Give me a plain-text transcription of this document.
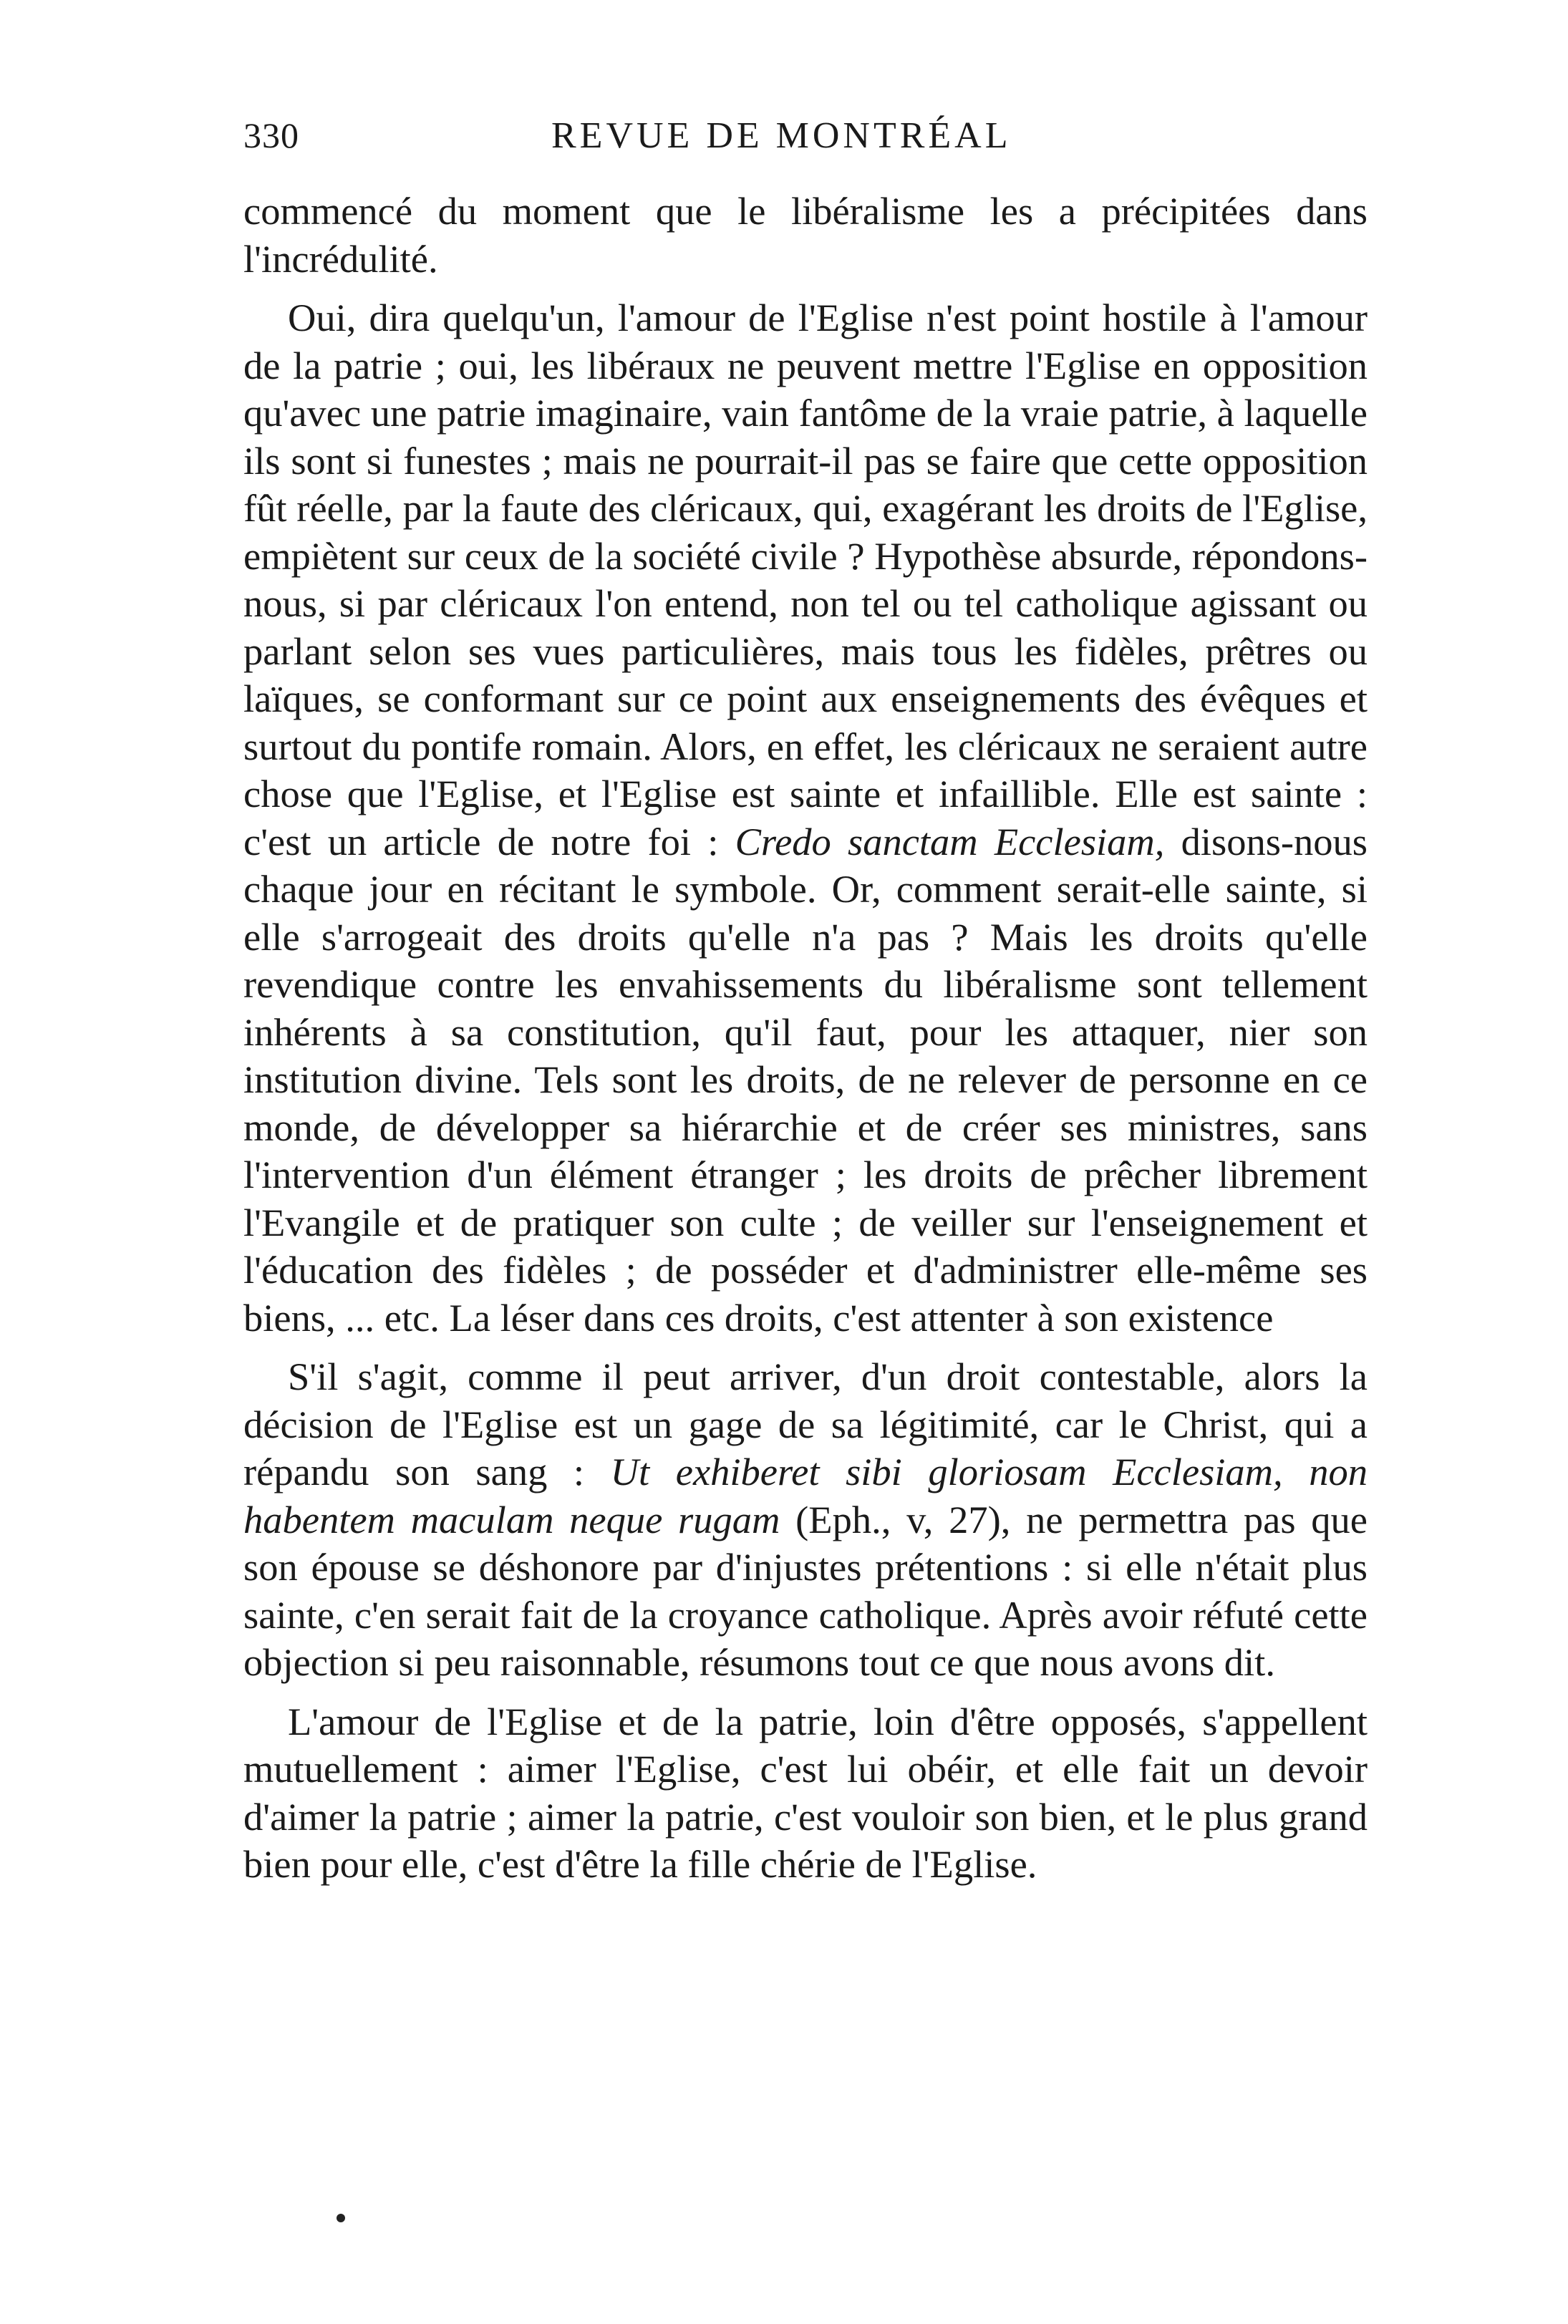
330	REVUE DE MONTRÉAL

commencé du moment que le libéralisme les a précipitées dans l'incrédulité.

Oui, dira quelqu'un, l'amour de l'Eglise n'est point hostile à l'amour de la patrie ; oui, les libéraux ne peuvent mettre l'Eglise en opposition qu'avec une patrie imaginaire, vain fantôme de la vraie patrie, à laquelle ils sont si funestes ; mais ne pourrait-il pas se faire que cette opposition fût réelle, par la faute des cléricaux, qui, exagérant les droits de l'Eglise, empiètent sur ceux de la société civile ? Hypothèse absurde, répondons-nous, si par cléricaux l'on entend, non tel ou tel catholique agissant ou parlant selon ses vues particulières, mais tous les fidèles, prêtres ou laïques, se conformant sur ce point aux enseignements des évêques et surtout du pontife romain. Alors, en effet, les cléricaux ne seraient autre chose que l'Eglise, et l'Eglise est sainte et infaillible. Elle est sainte : c'est un article de notre foi : Credo sanctam Ecclesiam, disons-nous chaque jour en récitant le symbole. Or, comment serait-elle sainte, si elle s'arrogeait des droits qu'elle n'a pas ? Mais les droits qu'elle revendique contre les envahissements du libéralisme sont tellement inhérents à sa constitution, qu'il faut, pour les attaquer, nier son institution divine. Tels sont les droits, de ne relever de personne en ce monde, de développer sa hiérarchie et de créer ses ministres, sans l'intervention d'un élément étranger ; les droits de prêcher librement l'Evangile et de pratiquer son culte ; de veiller sur l'enseignement et l'éducation des fidèles ; de posséder et d'administrer elle-même ses biens, ... etc. La léser dans ces droits, c'est attenter à son existence

S'il s'agit, comme il peut arriver, d'un droit contestable, alors la décision de l'Eglise est un gage de sa légitimité, car le Christ, qui a répandu son sang : Ut exhiberet sibi gloriosam Ecclesiam, non habentem maculam neque rugam (Eph., v, 27), ne permettra pas que son épouse se déshonore par d'injustes prétentions : si elle n'était plus sainte, c'en serait fait de la croyance catholique. Après avoir réfuté cette objection si peu raisonnable, résumons tout ce que nous avons dit.

L'amour de l'Eglise et de la patrie, loin d'être opposés, s'appellent mutuellement : aimer l'Eglise, c'est lui obéir, et elle fait un devoir d'aimer la patrie ; aimer la patrie, c'est vouloir son bien, et le plus grand bien pour elle, c'est d'être la fille chérie de l'Eglise.
